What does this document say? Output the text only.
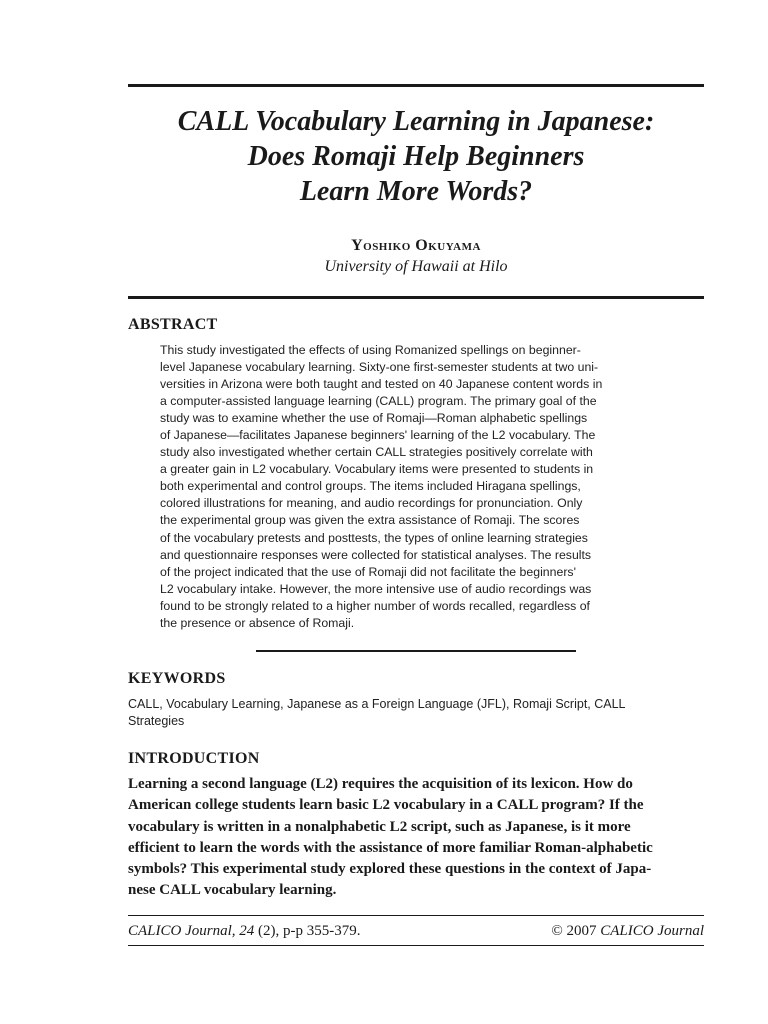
CALL Vocabulary Learning in Japanese:
Does Romaji Help Beginners
Learn More Words?
Yoshiko Okuyama
University of Hawaii at Hilo
ABSTRACT
This study investigated the effects of using Romanized spellings on beginner-
level Japanese vocabulary learning. Sixty-one first-semester students at two uni-
versities in Arizona were both taught and tested on 40 Japanese content words in
a computer-assisted language learning (CALL) program. The primary goal of the
study was to examine whether the use of Romaji—Roman alphabetic spellings
of Japanese—facilitates Japanese beginners' learning of the L2 vocabulary. The
study also investigated whether certain CALL strategies positively correlate with
a greater gain in L2 vocabulary. Vocabulary items were presented to students in
both experimental and control groups. The items included Hiragana spellings,
colored illustrations for meaning, and audio recordings for pronunciation. Only
the experimental group was given the extra assistance of Romaji. The scores
of the vocabulary pretests and posttests, the types of online learning strategies
and questionnaire responses were collected for statistical analyses. The results
of the project indicated that the use of Romaji did not facilitate the beginners'
L2 vocabulary intake. However, the more intensive use of audio recordings was
found to be strongly related to a higher number of words recalled, regardless of
the presence or absence of Romaji.
KEYWORDS
CALL, Vocabulary Learning, Japanese as a Foreign Language (JFL), Romaji Script, CALL
Strategies
INTRODUCTION
Learning a second language (L2) requires the acquisition of its lexicon. How do
American college students learn basic L2 vocabulary in a CALL program? If the
vocabulary is written in a nonalphabetic L2 script, such as Japanese, is it more
efficient to learn the words with the assistance of more familiar Roman-alphabetic
symbols? This experimental study explored these questions in the context of Japa-
nese CALL vocabulary learning.
CALICO Journal, 24 (2), p-p 355-379.	© 2007 CALICO Journal
